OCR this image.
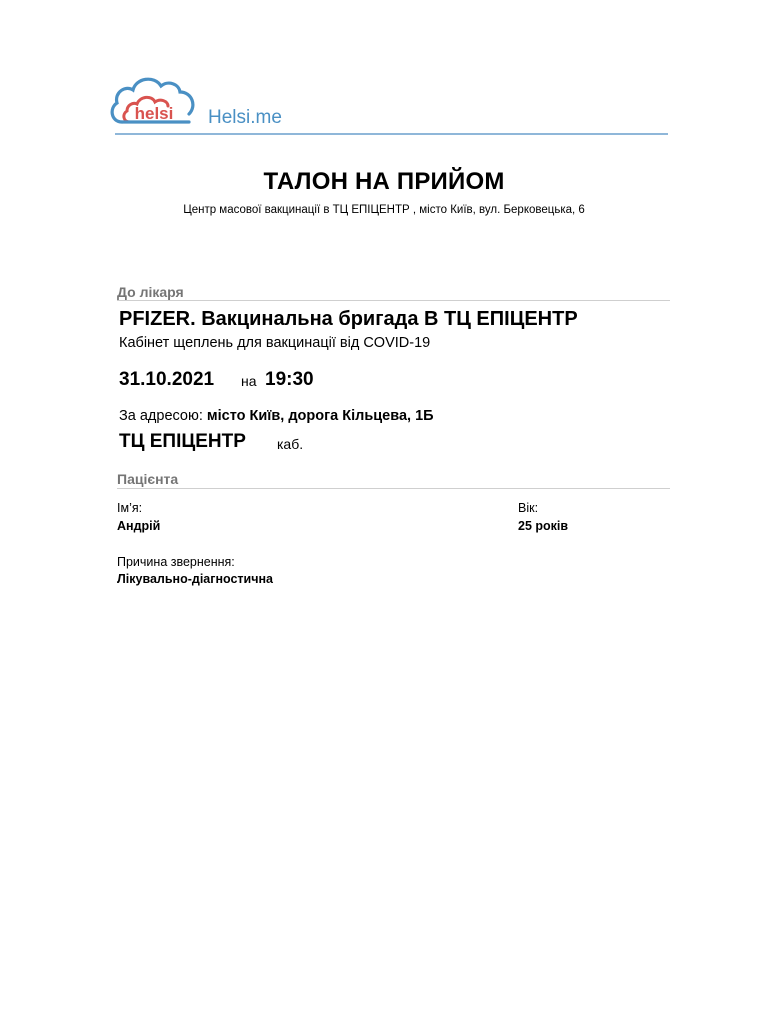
helsi Helsi.me
ТАЛОН НА ПРИЙОМ
Центр масової вакцинації в ТЦ ЕПІЦЕНТР , місто Київ, вул. Берковецька, 6
До лікаря
PFIZER. Вакцинальна бригада В ТЦ ЕПІЦЕНТР
Кабінет щеплень для вакцинації від COVID-19
31.10.2021 на 19:30
За адресою: місто Київ, дорога Кільцева, 1Б
ТЦ ЕПІЦЕНТР каб.
Пацієнта
Ім’я:
Андрій
Вік:
25 років
Причина звернення:
Лікувально-діагностична
